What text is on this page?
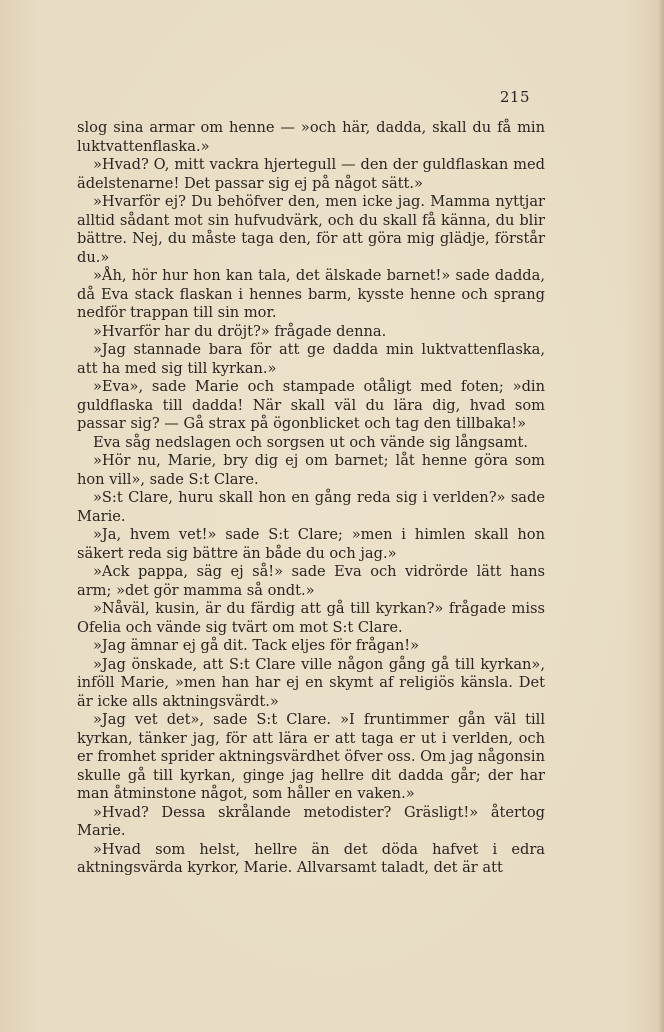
215

slog sina armar om henne — »och här, dadda, skall du få min luktvattenflaska.»

»Hvad? O, mitt vackra hjertegull — den der guldflaskan med ädelstenarne! Det passar sig ej på något sätt.»

»Hvarför ej? Du behöfver den, men icke jag. Mamma nyttjar alltid sådant mot sin hufvudvärk, och du skall få känna, du blir bättre. Nej, du måste taga den, för att göra mig glädje, förstår du.»

»Åh, hör hur hon kan tala, det älskade barnet!» sade dadda, då Eva stack flaskan i hennes barm, kysste henne och sprang nedför trappan till sin mor.

»Hvarför har du dröjt?» frågade denna.

»Jag stannade bara för att ge dadda min luktvattenflaska, att ha med sig till kyrkan.»

»Eva», sade Marie och stampade otåligt med foten; »din guldflaska till dadda! När skall väl du lära dig, hvad som passar sig? — Gå strax på ögonblicket och tag den tillbaka!»

Eva såg nedslagen och sorgsen ut och vände sig långsamt.

»Hör nu, Marie, bry dig ej om barnet; låt henne göra som hon vill», sade S:t Clare.

»S:t Clare, huru skall hon en gång reda sig i verlden?» sade Marie.

»Ja, hvem vet!» sade S:t Clare; »men i himlen skall hon säkert reda sig bättre än både du och jag.»

»Ack pappa, säg ej så!» sade Eva och vidrörde lätt hans arm; »det gör mamma så ondt.»

»Nåväl, kusin, är du färdig att gå till kyrkan?» frågade miss Ofelia och vände sig tvärt om mot S:t Clare.

»Jag ämnar ej gå dit. Tack eljes för frågan!»

»Jag önskade, att S:t Clare ville någon gång gå till kyrkan», inföll Marie, »men han har ej en skymt af religiös känsla. Det är icke alls aktningsvärdt.»

»Jag vet det», sade S:t Clare. »I fruntimmer gån väl till kyrkan, tänker jag, för att lära er att taga er ut i verlden, och er fromhet sprider aktningsvärdhet öfver oss. Om jag någonsin skulle gå till kyrkan, ginge jag hellre dit dadda går; der har man åtminstone något, som håller en vaken.»

»Hvad? Dessa skrålande metodister? Gräsligt!» återtog Marie.

»Hvad som helst, hellre än det döda hafvet i edra aktningsvärda kyrkor, Marie. Allvarsamt taladt, det är att
